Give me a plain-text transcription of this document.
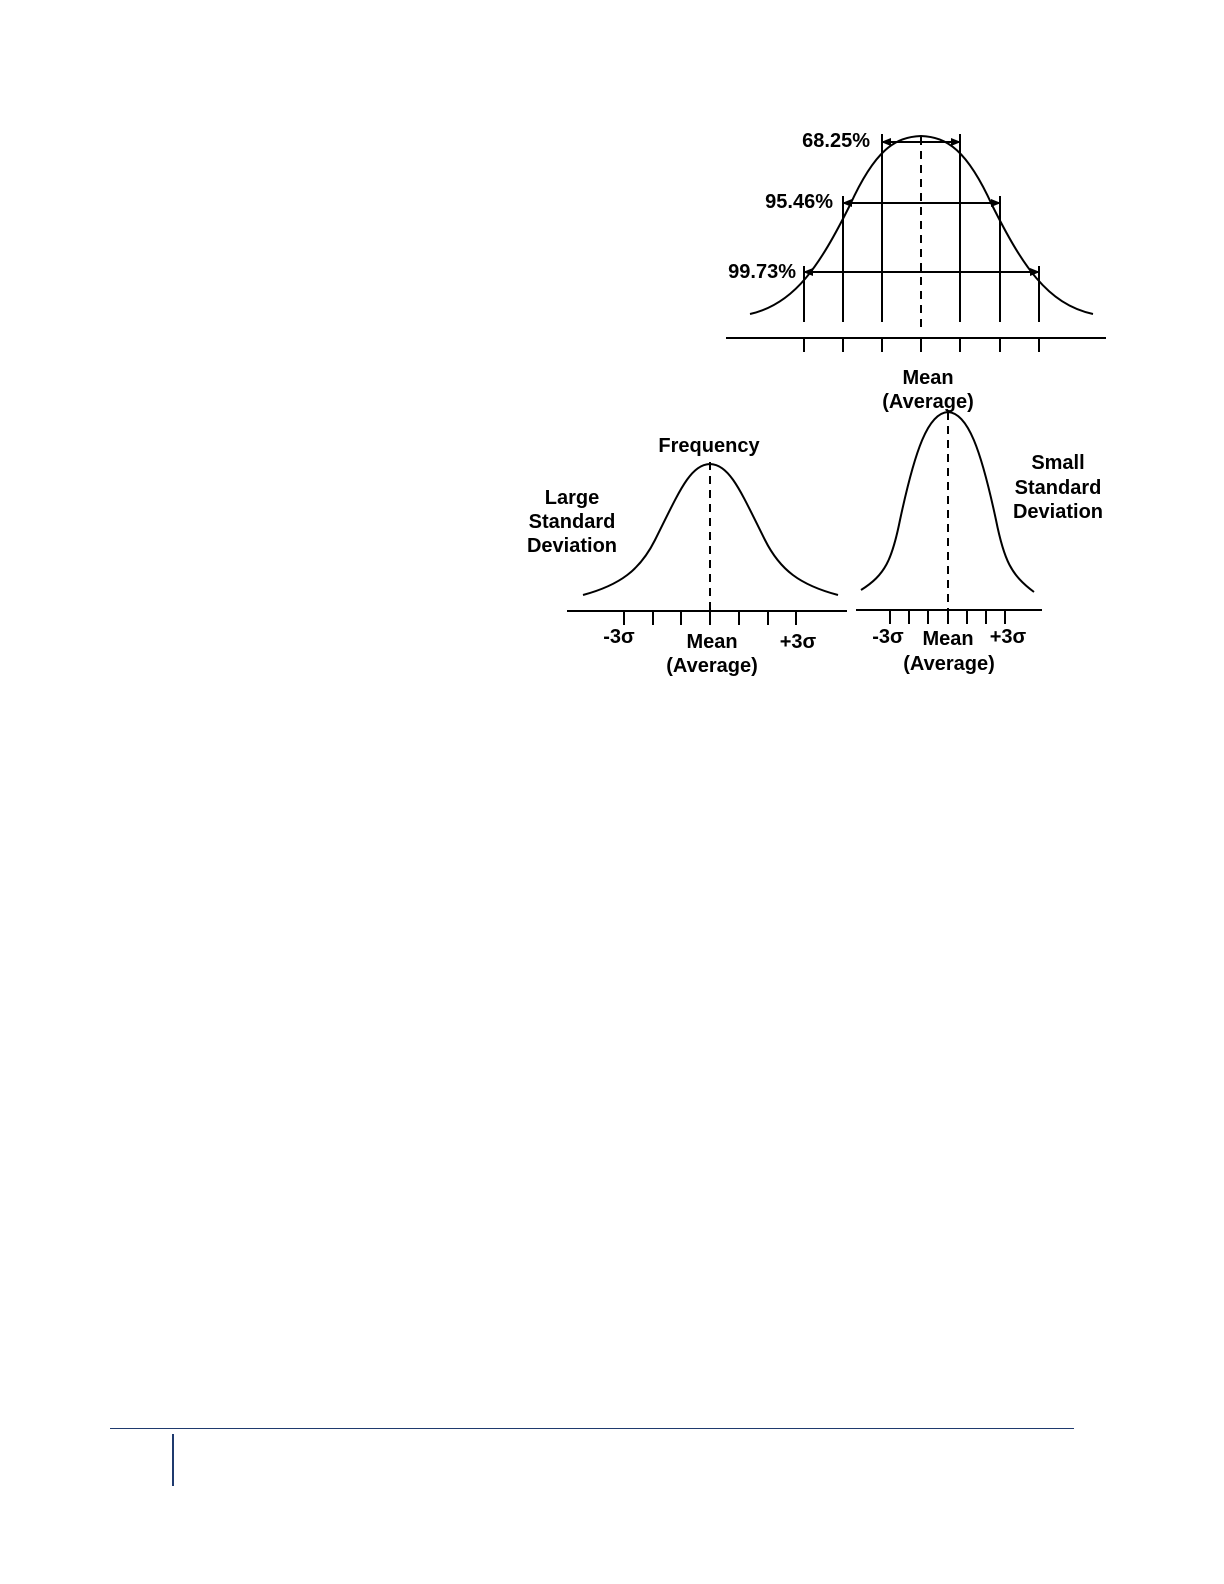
68.25%
95.46%
99.73%
Mean
Frequency
Large
Standard
Deviation
-3σ	+3σ
Mean
(Average)
Mean
(Average)
Small
Standard
Deviation
-3σ	+3σ
(Average)
